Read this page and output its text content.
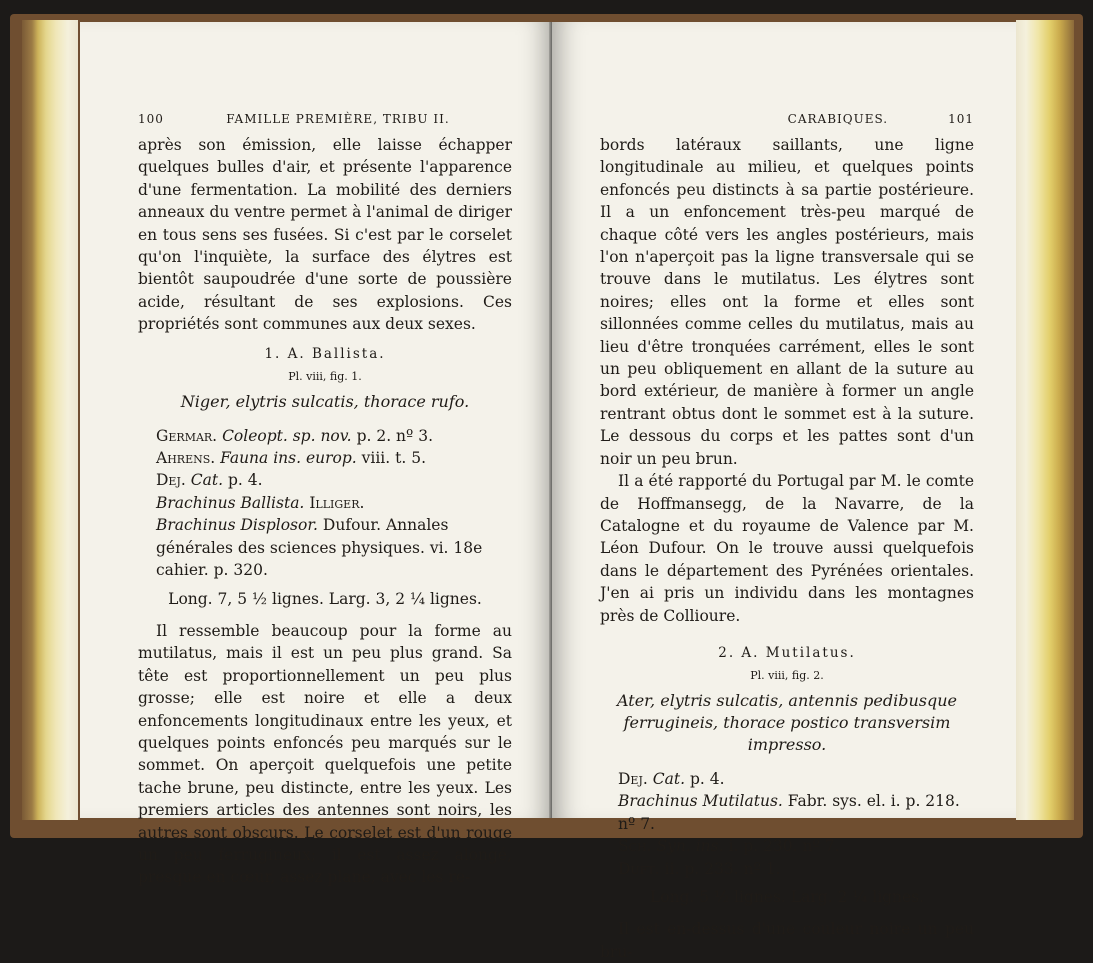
100	FAMILLE PREMIÈRE, TRIBU II.

après son émission, elle laisse échapper quelques bulles d'air, et présente l'apparence d'une fermentation. La mobilité des derniers anneaux du ventre permet à l'animal de diriger en tous sens ses fusées. Si c'est par le corselet qu'on l'inquiète, la surface des élytres est bientôt saupoudrée d'une sorte de poussière acide, résultant de ses explosions. Ces propriétés sont communes aux deux sexes.

1. A. Ballista.
Pl. viii, fig. 1.
Niger, elytris sulcatis, thorace rufo.
Germar. Coleopt. sp. nov. p. 2. nº 3.
Ahrens. Fauna ins. europ. viii. t. 5.
Dej. Cat. p. 4.
Brachinus Ballista. Illiger.
Brachinus Displosor. Dufour. Annales générales des sciences physiques. vi. 18e cahier. p. 320.
Long. 7, 5 ½ lignes. Larg. 3, 2 ¼ lignes.

Il ressemble beaucoup pour la forme au mutilatus, mais il est un peu plus grand. Sa tête est proportionnellement un peu plus grosse; elle est noire et elle a deux enfoncements longitudinaux entre les yeux, et quelques points enfoncés peu marqués sur le sommet. On aperçoit quelquefois une petite tache brune, peu distincte, entre les yeux. Les premiers articles des antennes sont noirs, les autres sont obscurs. Le corselet est d'un rouge un peu ferrugineux; il est assez alongé, presque en cœur, assez plane, avec les re-

CARABIQUES.	101

bords latéraux saillants, une ligne longitudinale au milieu, et quelques points enfoncés peu distincts à sa partie postérieure. Il a un enfoncement très-peu marqué de chaque côté vers les angles postérieurs, mais l'on n'aperçoit pas la ligne transversale qui se trouve dans le mutilatus. Les élytres sont noires; elles ont la forme et elles sont sillonnées comme celles du mutilatus, mais au lieu d'être tronquées carrément, elles le sont un peu obliquement en allant de la suture au bord extérieur, de manière à former un angle rentrant obtus dont le sommet est à la suture. Le dessous du corps et les pattes sont d'un noir un peu brun.

Il a été rapporté du Portugal par M. le comte de Hoffmansegg, de la Navarre, de la Catalogne et du royaume de Valence par M. Léon Dufour. On le trouve aussi quelquefois dans le département des Pyrénées orientales. J'en ai pris un individu dans les montagnes près de Collioure.

2. A. Mutilatus.
Pl. viii, fig. 2.
Ater, elytris sulcatis, antennis pedibusque ferrugineis, thorace postico transversim impresso.
Dej. Cat. p. 4.
Brachinus Mutilatus. Fabr. sys. el. i. p. 218. nº 7.
Sch. Syn. ins. i. p. 230. nº 7.
Duft. ii. p. 233. nº 1.
Long. 5 ½ lignes. Larg. 2 ¼ lignes.

Il est en-dessus d'une couleur noire un peu bru-
